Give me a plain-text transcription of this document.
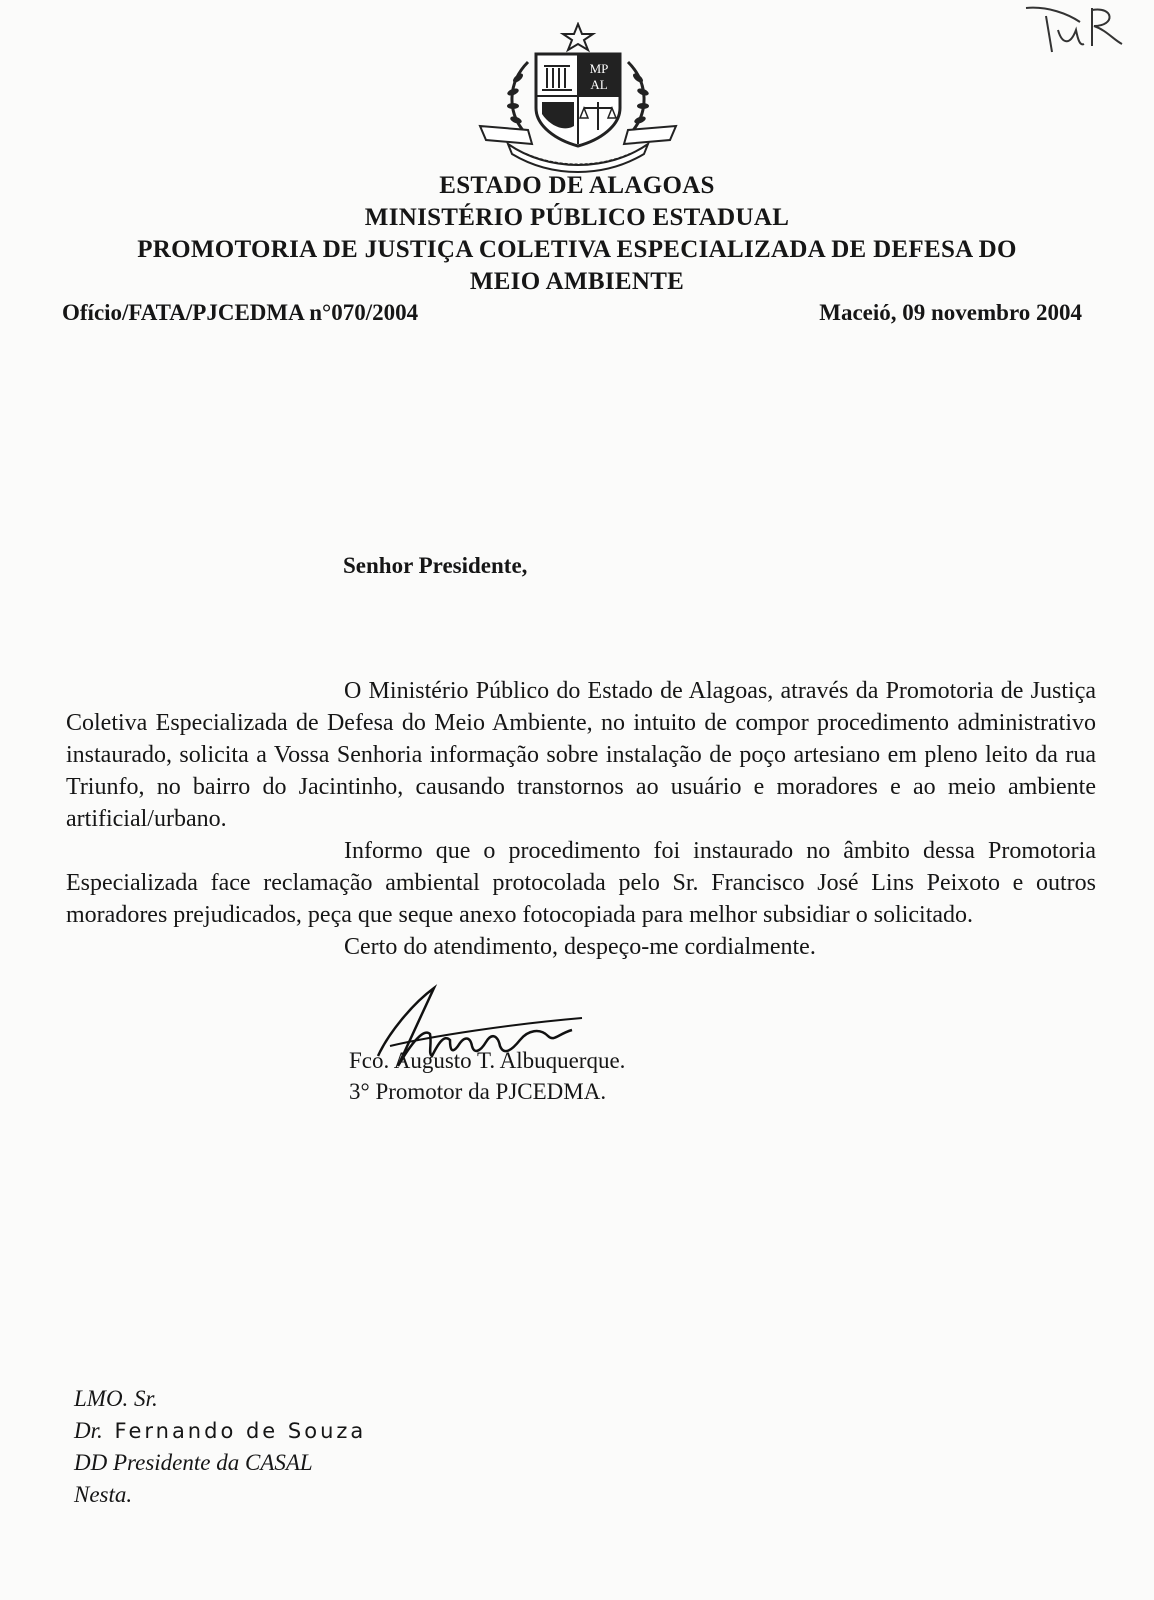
MP
AL
ESTADO DE ALAGOAS
MINISTÉRIO PÚBLICO ESTADUAL
PROMOTORIA DE JUSTIÇA COLETIVA ESPECIALIZADA DE DEFESA DO
MEIO AMBIENTE
Ofício/FATA/PJCEDMA n°070/2004	Maceió, 09 novembro 2004
Senhor Presidente,

O Ministério Público do Estado de Alagoas, através da Promotoria de Justiça Coletiva Especializada de Defesa do Meio Ambiente, no intuito de compor procedimento administrativo instaurado, solicita a Vossa Senhoria informação sobre instalação de poço artesiano em pleno leito da rua Triunfo, no bairro do Jacintinho, causando transtornos ao usuário e moradores e ao meio ambiente artificial/urbano.

Informo que o procedimento foi instaurado no âmbito dessa Promotoria Especializada face reclamação ambiental protocolada pelo Sr. Francisco José Lins Peixoto e outros moradores prejudicados, peça que seque anexo fotocopiada para melhor subsidiar o solicitado.

Certo do atendimento, despeço-me cordialmente.

Fco. Augusto T. Albuquerque.
3° Promotor da PJCEDMA.
LMO. Sr.
Dr. Fernando de Souza
DD Presidente da CASAL
Nesta.
